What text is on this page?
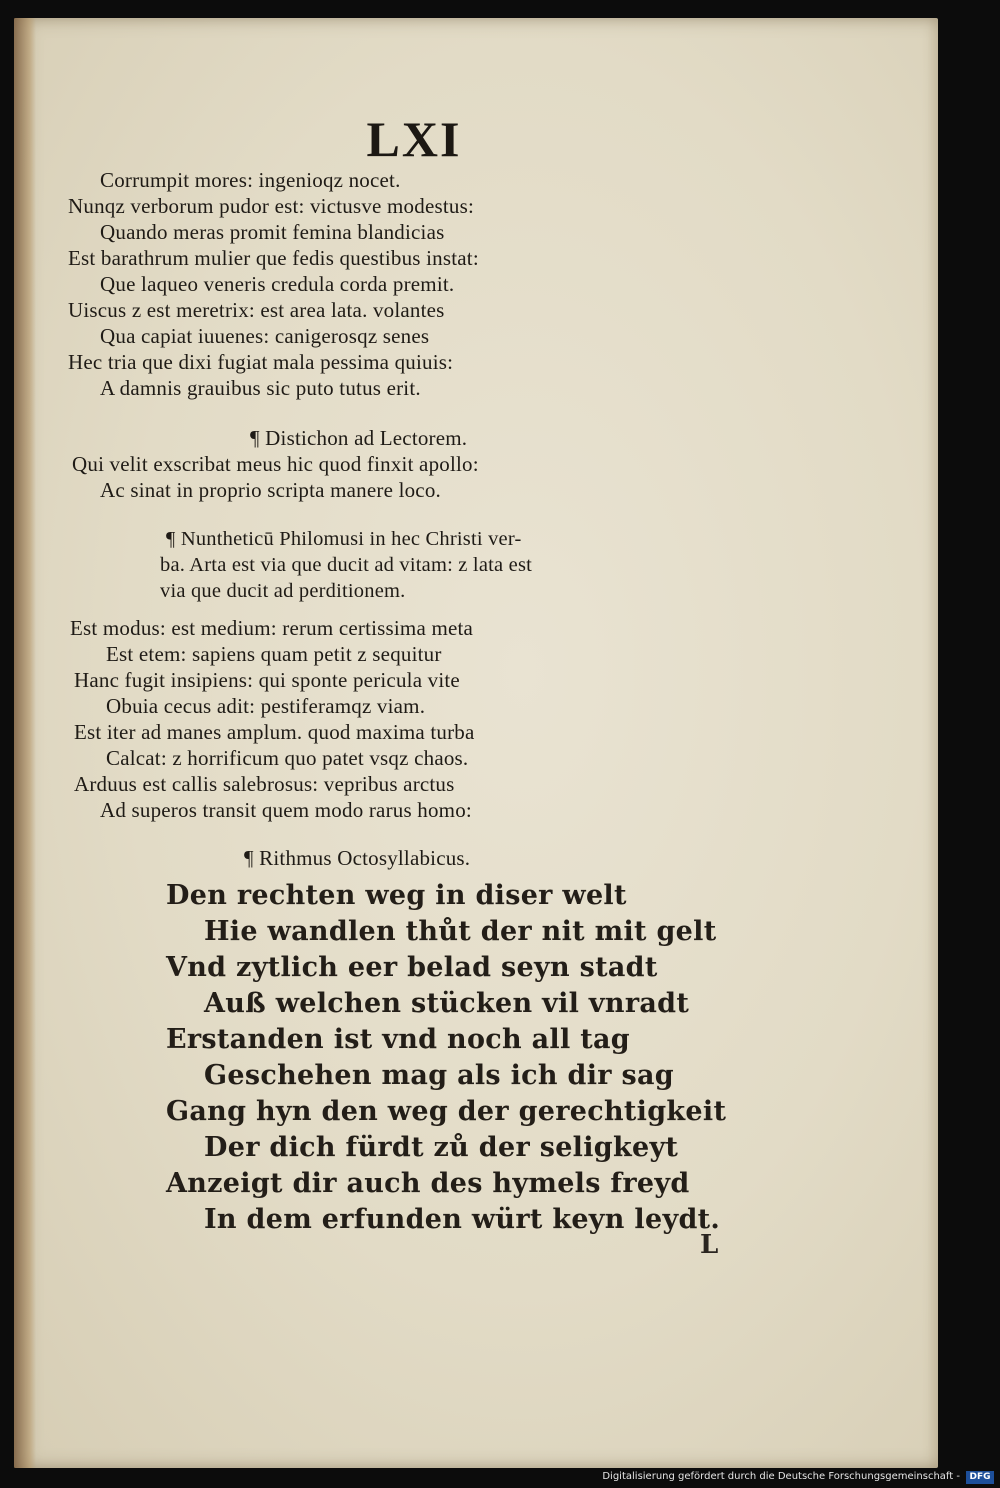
LXI
Corrumpit mores: ingenioqz nocet.
Nunqz verborum pudor est: victusve modestus:
Quando meras promit femina blandicias
Est barathrum mulier que fedis questibus instat:
Que laqueo veneris credula corda premit.
Uiscus z est meretrix: est area lata. volantes
Qua capiat iuuenes: canigerosqz senes
Hec tria que dixi fugiat mala pessima quiuis:
A damnis grauibus sic puto tutus erit.
¶ Distichon ad Lectorem.
Qui velit exscribat meus hic quod finxit apollo:
Ac sinat in proprio scripta manere loco.
¶ Nuntheticū Philomusi in hec Christi ver-
ba. Arta est via que ducit ad vitam: z lata est
via que ducit ad perditionem.
Est modus: est medium: rerum certissima meta
Est etem: sapiens quam petit z sequitur
Hanc fugit insipiens: qui sponte pericula vite
Obuia cecus adit: pestiferamqz viam.
Est iter ad manes amplum. quod maxima turba
Calcat: z horrificum quo patet vsqz chaos.
Arduus est callis salebrosus: vepribus arctus
Ad superos transit quem modo rarus homo:
¶ Rithmus Octosyllabicus.
Den rechten weg in diser welt
Hie wandlen thůt der nit mit gelt
Vnd zytlich eer belad seyn stadt
Auß welchen stücken vil vnradt
Erstanden ist vnd noch all tag
Geschehen mag als ich dir sag
Gang hyn den weg der gerechtigkeit
Der dich fürdt zů der seligkeyt
Anzeigt dir auch des hymels freyd
In dem erfunden würt keyn leydt.
L
Digitalisierung gefördert durch die Deutsche Forschungsgemeinschaft -	DFG
